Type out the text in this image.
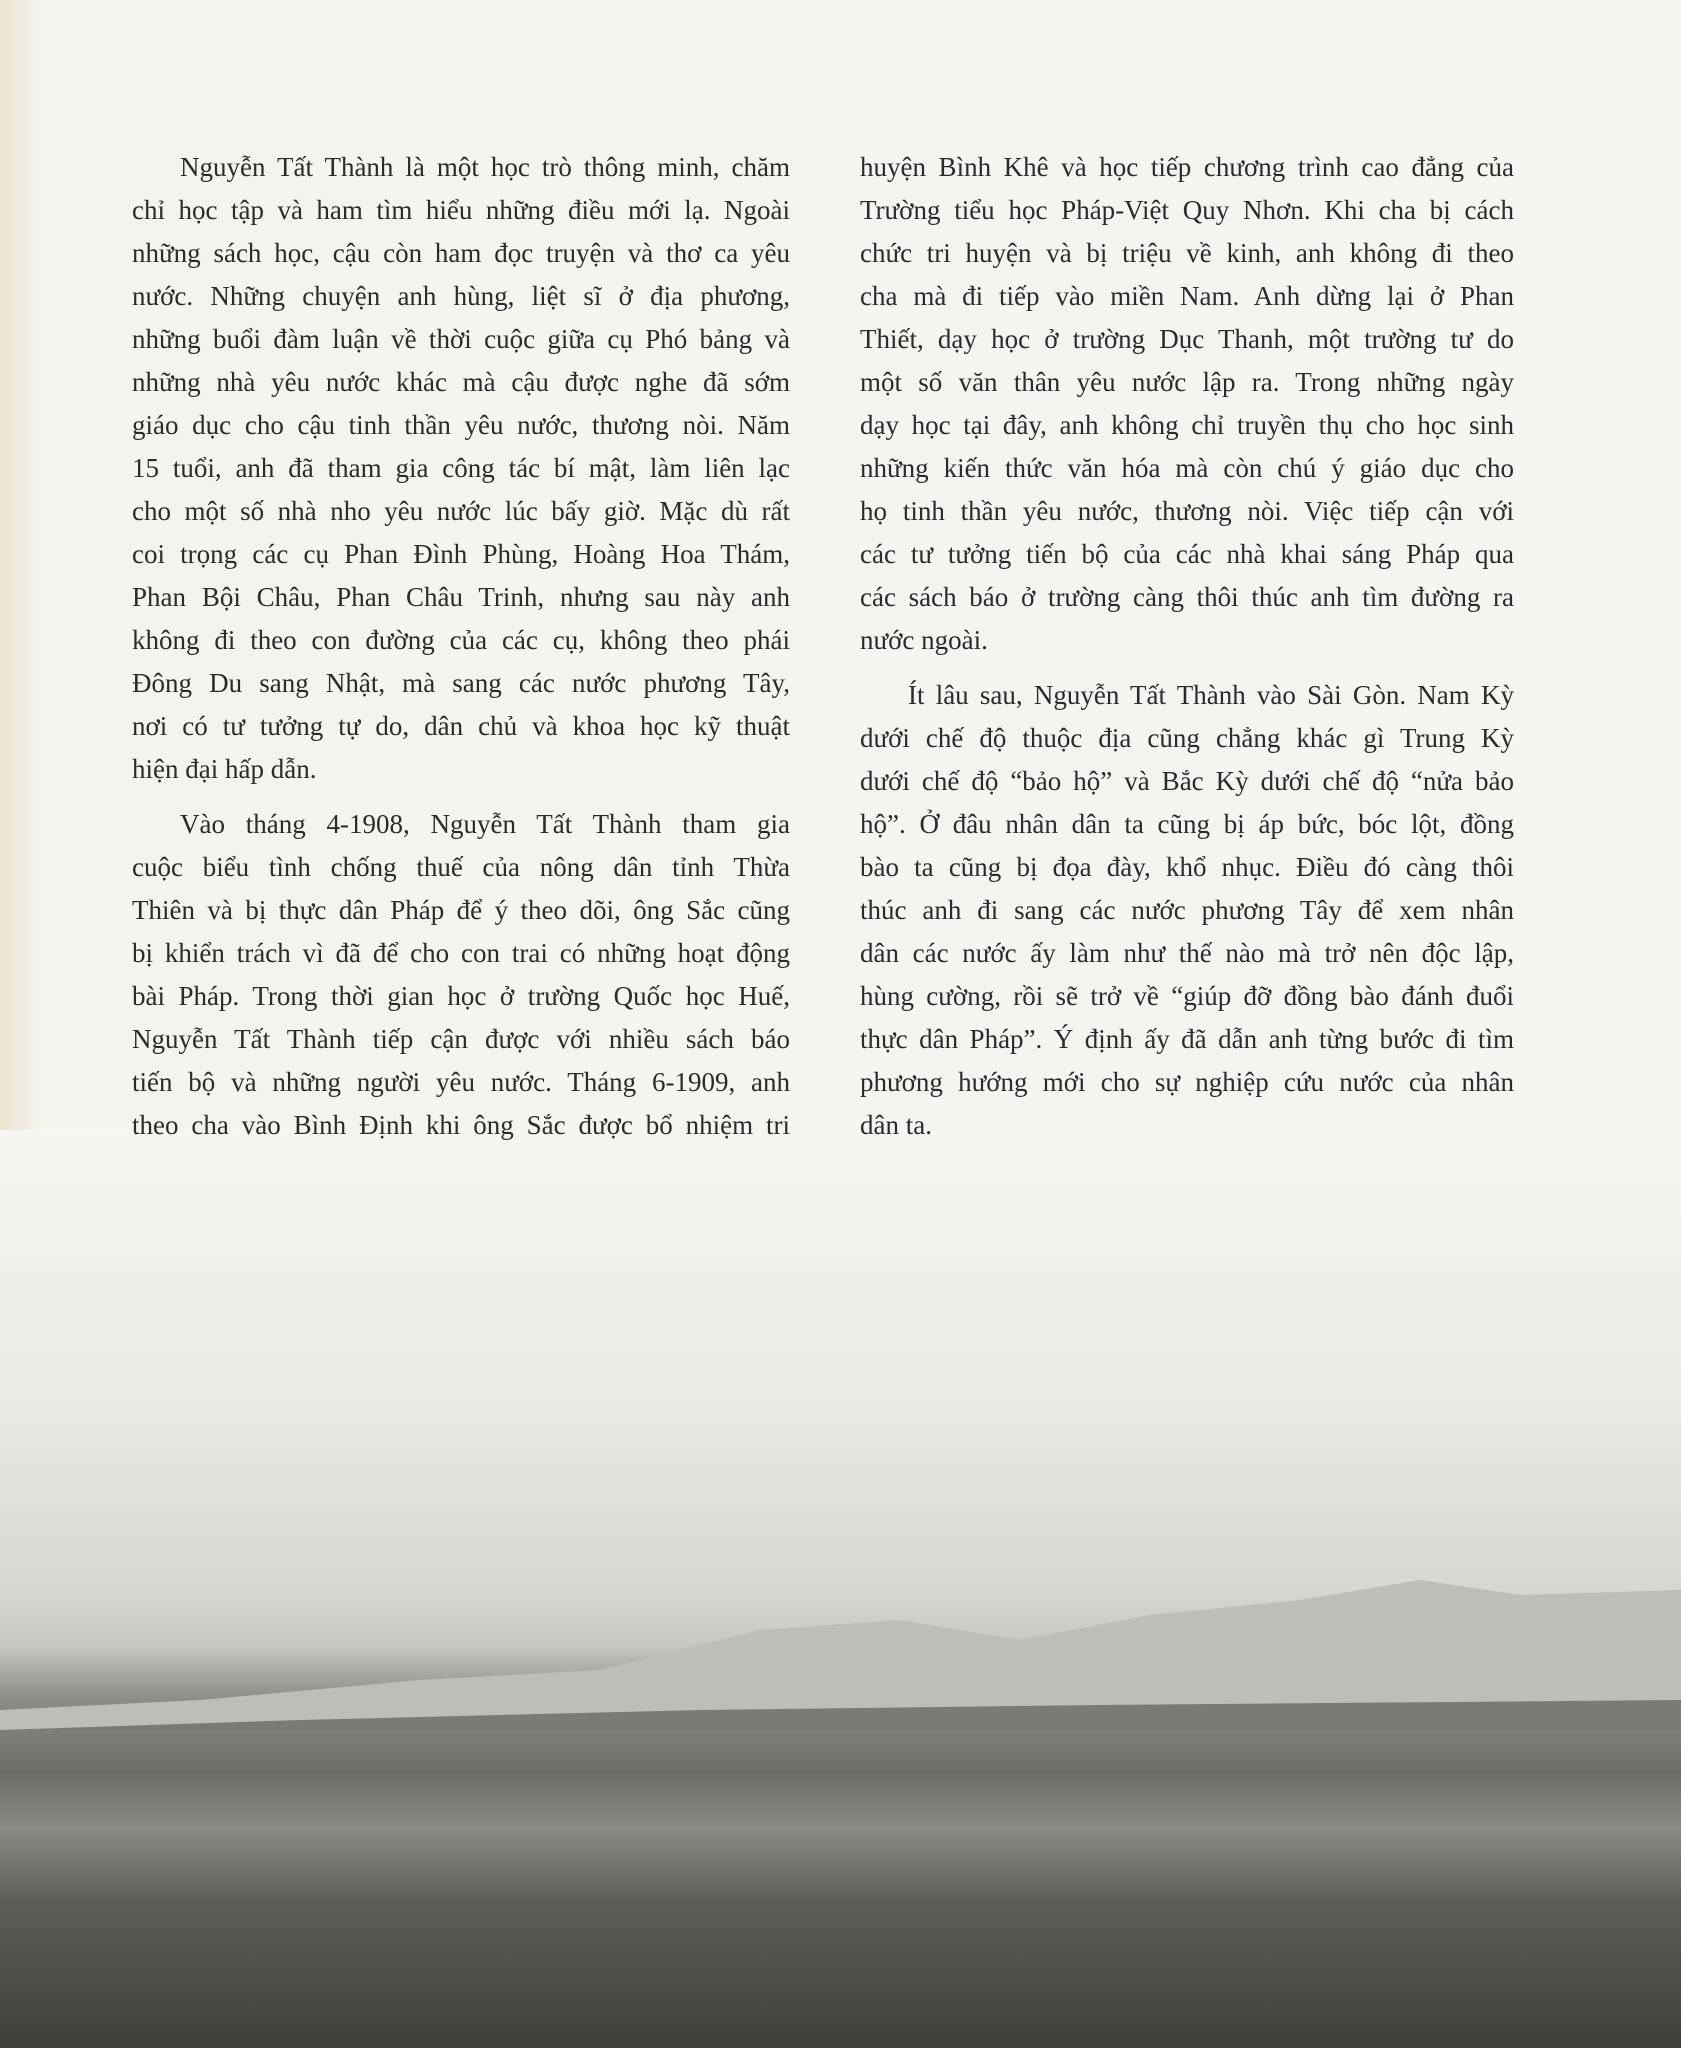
Nguyễn Tất Thành là một học trò thông minh, chăm
chỉ học tập và ham tìm hiểu những điều mới lạ. Ngoài
những sách học, cậu còn ham đọc truyện và thơ ca yêu
nước. Những chuyện anh hùng, liệt sĩ ở địa phương,
những buổi đàm luận về thời cuộc giữa cụ Phó bảng và
những nhà yêu nước khác mà cậu được nghe đã sớm
giáo dục cho cậu tinh thần yêu nước, thương nòi. Năm
15 tuổi, anh đã tham gia công tác bí mật, làm liên lạc
cho một số nhà nho yêu nước lúc bấy giờ. Mặc dù rất
coi trọng các cụ Phan Đình Phùng, Hoàng Hoa Thám,
Phan Bội Châu, Phan Châu Trinh, nhưng sau này anh
không đi theo con đường của các cụ, không theo phái
Đông Du sang Nhật, mà sang các nước phương Tây,
nơi có tư tưởng tự do, dân chủ và khoa học kỹ thuật
hiện đại hấp dẫn.
Vào tháng 4-1908, Nguyễn Tất Thành tham gia
cuộc biểu tình chống thuế của nông dân tỉnh Thừa
Thiên và bị thực dân Pháp để ý theo dõi, ông Sắc cũng
bị khiển trách vì đã để cho con trai có những hoạt động
bài Pháp. Trong thời gian học ở trường Quốc học Huế,
Nguyễn Tất Thành tiếp cận được với nhiều sách báo
tiến bộ và những người yêu nước. Tháng 6-1909, anh
theo cha vào Bình Định khi ông Sắc được bổ nhiệm tri
huyện Bình Khê và học tiếp chương trình cao đẳng của
Trường tiểu học Pháp-Việt Quy Nhơn. Khi cha bị cách
chức tri huyện và bị triệu về kinh, anh không đi theo
cha mà đi tiếp vào miền Nam. Anh dừng lại ở Phan
Thiết, dạy học ở trường Dục Thanh, một trường tư do
một số văn thân yêu nước lập ra. Trong những ngày
dạy học tại đây, anh không chỉ truyền thụ cho học sinh
những kiến thức văn hóa mà còn chú ý giáo dục cho
họ tinh thần yêu nước, thương nòi. Việc tiếp cận với
các tư tưởng tiến bộ của các nhà khai sáng Pháp qua
các sách báo ở trường càng thôi thúc anh tìm đường ra
nước ngoài.
Ít lâu sau, Nguyễn Tất Thành vào Sài Gòn. Nam Kỳ
dưới chế độ thuộc địa cũng chẳng khác gì Trung Kỳ
dưới chế độ “bảo hộ” và Bắc Kỳ dưới chế độ “nửa bảo
hộ”. Ở đâu nhân dân ta cũng bị áp bức, bóc lột, đồng
bào ta cũng bị đọa đày, khổ nhục. Điều đó càng thôi
thúc anh đi sang các nước phương Tây để xem nhân
dân các nước ấy làm như thế nào mà trở nên độc lập,
hùng cường, rồi sẽ trở về “giúp đỡ đồng bào đánh đuổi
thực dân Pháp”. Ý định ấy đã dẫn anh từng bước đi tìm
phương hướng mới cho sự nghiệp cứu nước của nhân
dân ta.
